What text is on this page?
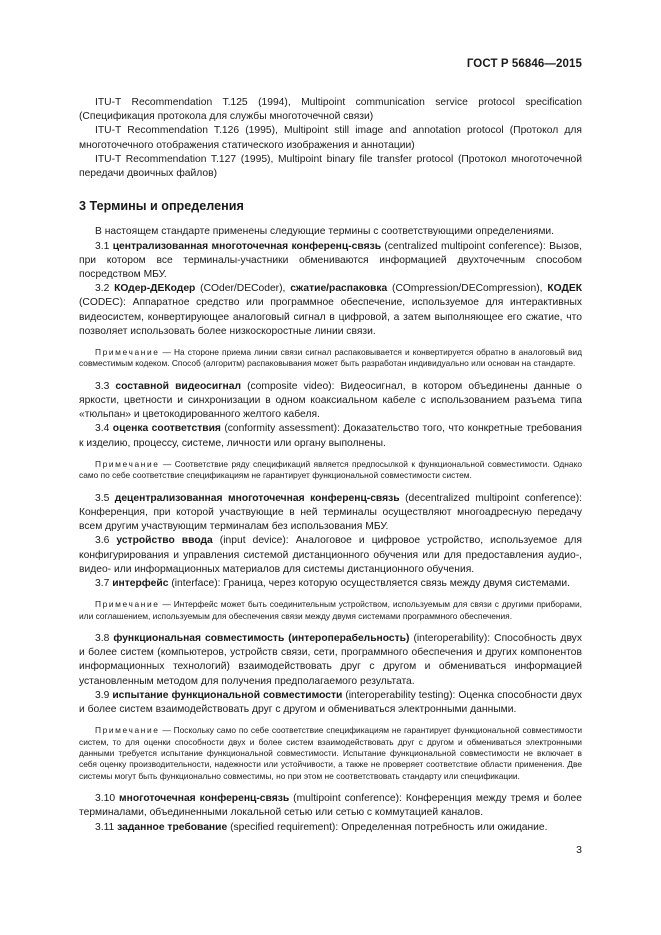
ГОСТ Р 56846—2015

ITU-T Recommendation T.125 (1994), Multipoint communication service protocol specification (Спецификация протокола для службы многоточечной связи)

ITU-T Recommendation T.126 (1995), Multipoint still image and annotation protocol (Протокол для многоточечного отображения статического изображения и аннотации)

ITU-T Recommendation T.127 (1995), Multipoint binary file transfer protocol (Протокол многоточечной передачи двоичных файлов)

3 Термины и определения

В настоящем стандарте применены следующие термины с соответствующими определениями.

3.1 централизованная многоточечная конференц-связь (centralized multipoint conference): Вызов, при котором все терминалы-участники обмениваются информацией двухточечным способом посредством МБУ.

3.2 КОдер-ДЕКодер (COder/DECoder), сжатие/распаковка (COmpression/DECompression), КОДЕК (CODEC): Аппаратное средство или программное обеспечение, используемое для интерактивных видеосистем, конвертирующее аналоговый сигнал в цифровой, а затем выполняющее его сжатие, что позволяет использовать более низкоскоростные линии связи.

Примечание — На стороне приема линии связи сигнал распаковывается и конвертируется обратно в аналоговый вид совместимым кодеком. Способ (алгоритм) распаковывания может быть разработан индивидуально или основан на стандарте.

3.3 составной видеосигнал (composite video): Видеосигнал, в котором объединены данные о яркости, цветности и синхронизации в одном коаксиальном кабеле с использованием разъема типа «тюльпан» и цветокодированного желтого кабеля.

3.4 оценка соответствия (conformity assessment): Доказательство того, что конкретные требования к изделию, процессу, системе, личности или органу выполнены.

Примечание — Соответствие ряду спецификаций является предпосылкой к функциональной совместимости. Однако само по себе соответствие спецификациям не гарантирует функциональной совместимости систем.

3.5 децентрализованная многоточечная конференц-связь (decentralized multipoint conference): Конференция, при которой участвующие в ней терминалы осуществляют многоадресную передачу всем другим участвующим терминалам без использования МБУ.

3.6 устройство ввода (input device): Аналоговое и цифровое устройство, используемое для конфигурирования и управления системой дистанционного обучения или для предоставления аудио-, видео- или информационных материалов для системы дистанционного обучения.

3.7 интерфейс (interface): Граница, через которую осуществляется связь между двумя системами.

Примечание — Интерфейс может быть соединительным устройством, используемым для связи с другими приборами, или соглашением, используемым для обеспечения связи между двумя системами программного обеспечения.

3.8 функциональная совместимость (интероперабельность) (interoperability): Способность двух и более систем (компьютеров, устройств связи, сети, программного обеспечения и других компонентов информационных технологий) взаимодействовать друг с другом и обмениваться информацией установленным методом для получения предполагаемого результата.

3.9 испытание функциональной совместимости (interoperability testing): Оценка способности двух и более систем взаимодействовать друг с другом и обмениваться электронными данными.

Примечание — Поскольку само по себе соответствие спецификациям не гарантирует функциональной совместимости систем, то для оценки способности двух и более систем взаимодействовать друг с другом и обмениваться электронными данными требуется испытание функциональной совместимости. Испытание функциональной совместимости не включает в себя оценку производительности, надежности или устойчивости, а также не проверяет соответствие области применения. Две системы могут быть функционально совместимы, но при этом не соответствовать стандарту или спецификации.

3.10 многоточечная конференц-связь (multipoint conference): Конференция между тремя и более терминалами, объединенными локальной сетью или сетью с коммутацией каналов.

3.11 заданное требование (specified requirement): Определенная потребность или ожидание.

3
